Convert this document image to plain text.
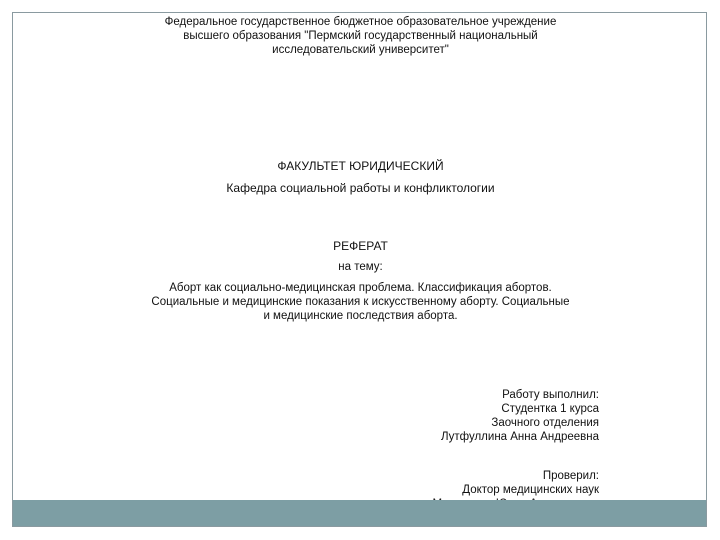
Федеральное государственное бюджетное образовательное учреждение
высшего образования "Пермский государственный национальный
исследовательский университет"
ФАКУЛЬТЕТ ЮРИДИЧЕСКИЙ
Кафедра социальной работы и конфликтологии
РЕФЕРАТ
на тему:
Аборт как социально-медицинская проблема. Классификация абортов.
Социальные и медицинские показания к искусственному аборту. Социальные
и медицинские последствия аборта.
Работу выполнил:
Студентка 1 курса
Заочного отделения
Лутфуллина Анна Андреевна
Проверил:
Доктор медицинских наук
